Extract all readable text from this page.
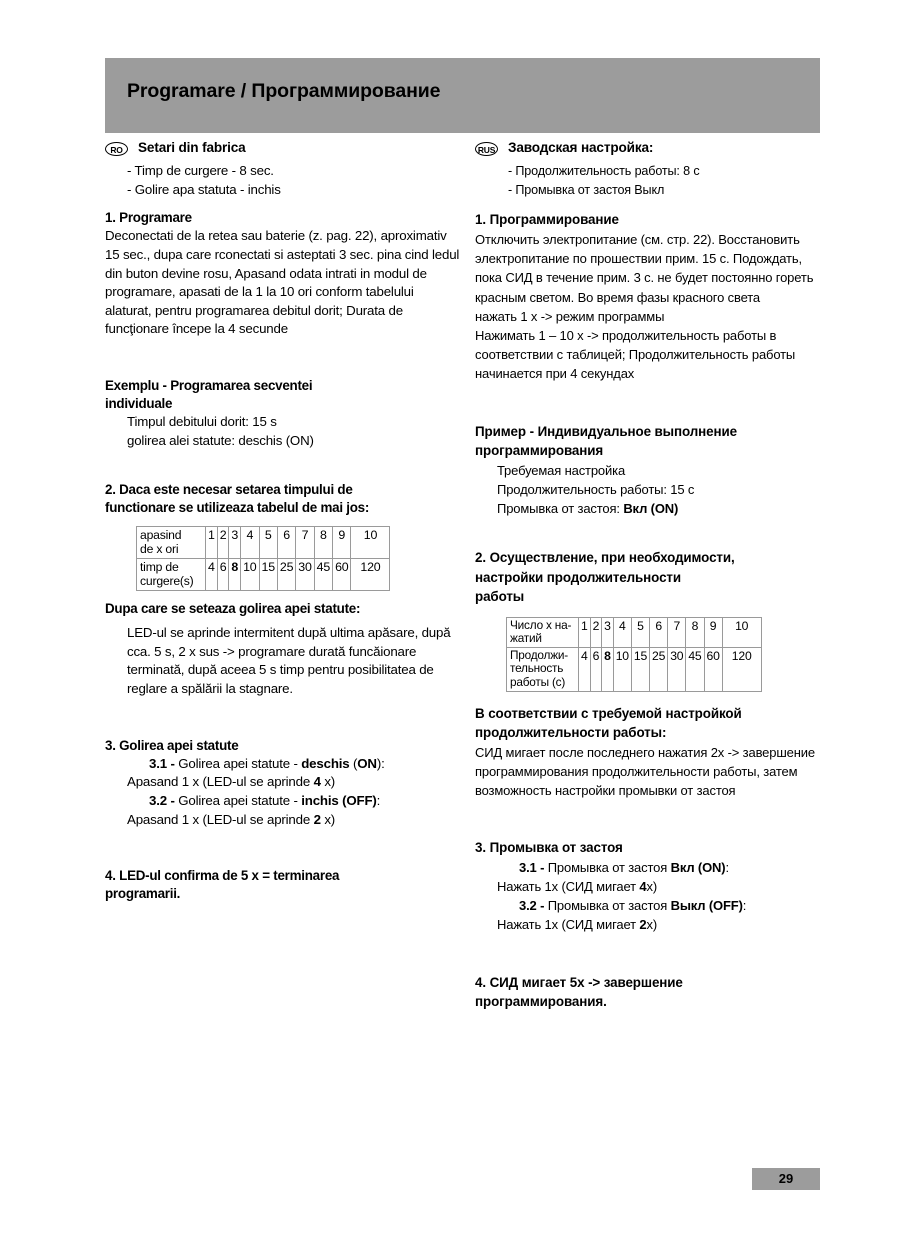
Programare / Программирование
RO	Setari din fabrica
- Timp de curgere - 8 sec.
- Golire apa statuta - inchis
1. Programare
Deconectati de la retea sau baterie (z. pag. 22), aproximativ 15 sec., dupa care rconectati si asteptati 3 sec. pina cind ledul din buton devine rosu, Apasand odata intrati in modul de programare, apasati de la 1 la 10 ori conform tabelului alaturat, pentru programarea debitul dorit; Durata de funcţionare începe la 4 secunde
Exemplu - Programarea secventei
individuale
Timpul debitului dorit: 15 s
golirea alei statute: deschis (ON)
2. Daca este necesar setarea timpului de
functionare se utilizeaza tabelul de mai jos:
apasind
de x ori	1	2	3	4	5	6	7	8	9	10
timp de
curgere(s)	4	6	8	10	15	25	30	45	60	120
Dupa care se seteaza golirea apei statute:
LED-ul se aprinde intermitent după ultima apăsare, după cca. 5 s, 2 x sus -> programare durată funcăionare terminată, după aceea 5 s timp pentru posibilitatea de reglare a spălării la stagnare.
3. Golirea apei statute
3.1 - Golirea apei statute - deschis (ON):
Apasand 1 x (LED-ul se aprinde 4 x)
3.2 - Golirea apei statute - inchis (OFF):
Apasand 1 x (LED-ul se aprinde 2 x)
4. LED-ul confirma de 5 x = terminarea
programarii.
RUS Заводская настройка:
- Продолжительность работы: 8 с
- Промывка от застоя Выкл
1. Программирование
Отключить электропитание (см. стр. 22). Восстановить электропитание по прошествии прим. 15 с. Подождать, пока СИД в течение прим. 3 с. не будет постоянно гореть красным светом. Во время фазы красного света
нажать 1 х -> режим программы
Нажимать 1 – 10 х -> продолжительность работы в соответствии с таблицей; Продолжительность работы начинается при 4 секундах
Пример - Индивидуальное выполнение
программирования
Требуемая настройка
Продолжительность работы: 15 с
Промывка от застоя: Вкл (ON)
2. Осуществление, при необходимости,
настройки продолжительности
работы
Число х на-
жатий	1	2	3	4	5	6	7	8	9	10
Продолжи-
тельность
работы (с)	4	6	8	10	15	25	30	45	60	120
В соответствии с требуемой настройкой
продолжительности работы:
СИД мигает после последнего нажатия 2х -> завершение программирования продолжительности работы, затем возможность настройки промывки от застоя
3. Промывка от застоя
3.1 - Промывка от застоя Вкл (ON):
Нажать 1х (СИД мигает 4х)
3.2 - Промывка от застоя Выкл (OFF):
Нажать 1х (СИД мигает 2х)
4. СИД мигает 5х -> завершение
программирования.
29
